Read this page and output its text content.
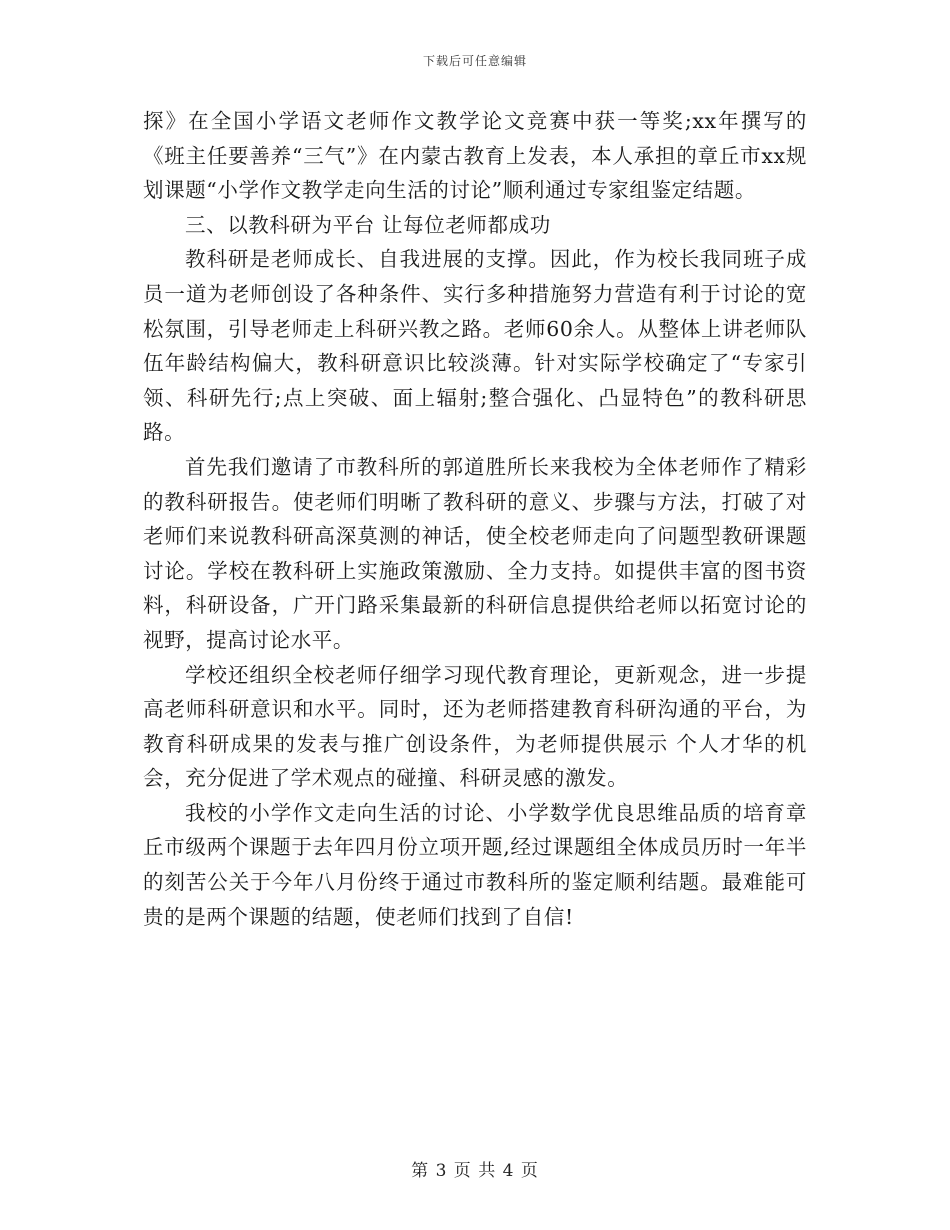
下载后可任意编辑

探》在全国小学语文老师作文教学论文竞赛中获一等奖;xx年撰写的《班主任要善养“三气”》在内蒙古教育上发表，本人承担的章丘市xx规划课题“小学作文教学走向生活的讨论”顺利通过专家组鉴定结题。

三、以教科研为平台 让每位老师都成功

教科研是老师成长、自我进展的支撑。因此，作为校长我同班子成员一道为老师创设了各种条件、实行多种措施努力营造有利于讨论的宽松氛围，引导老师走上科研兴教之路。老师60余人。从整体上讲老师队伍年龄结构偏大，教科研意识比较淡薄。针对实际学校确定了“专家引领、科研先行;点上突破、面上辐射;整合强化、凸显特色”的教科研思路。

首先我们邀请了市教科所的郭道胜所长来我校为全体老师作了精彩的教科研报告。使老师们明晰了教科研的意义、步骤与方法，打破了对老师们来说教科研高深莫测的神话，使全校老师走向了问题型教研课题讨论。学校在教科研上实施政策激励、全力支持。如提供丰富的图书资料，科研设备，广开门路采集最新的科研信息提供给老师以拓宽讨论的视野，提高讨论水平。

学校还组织全校老师仔细学习现代教育理论，更新观念，进一步提高老师科研意识和水平。同时，还为老师搭建教育科研沟通的平台，为教育科研成果的发表与推广创设条件，为老师提供展示 个人才华的机会，充分促进了学术观点的碰撞、科研灵感的激发。

我校的小学作文走向生活的讨论、小学数学优良思维品质的培育章丘市级两个课题于去年四月份立项开题,经过课题组全体成员历时一年半的刻苦公关于今年八月份终于通过市教科所的鉴定顺利结题。最难能可贵的是两个课题的结题，使老师们找到了自信!

第 3 页 共 4 页
